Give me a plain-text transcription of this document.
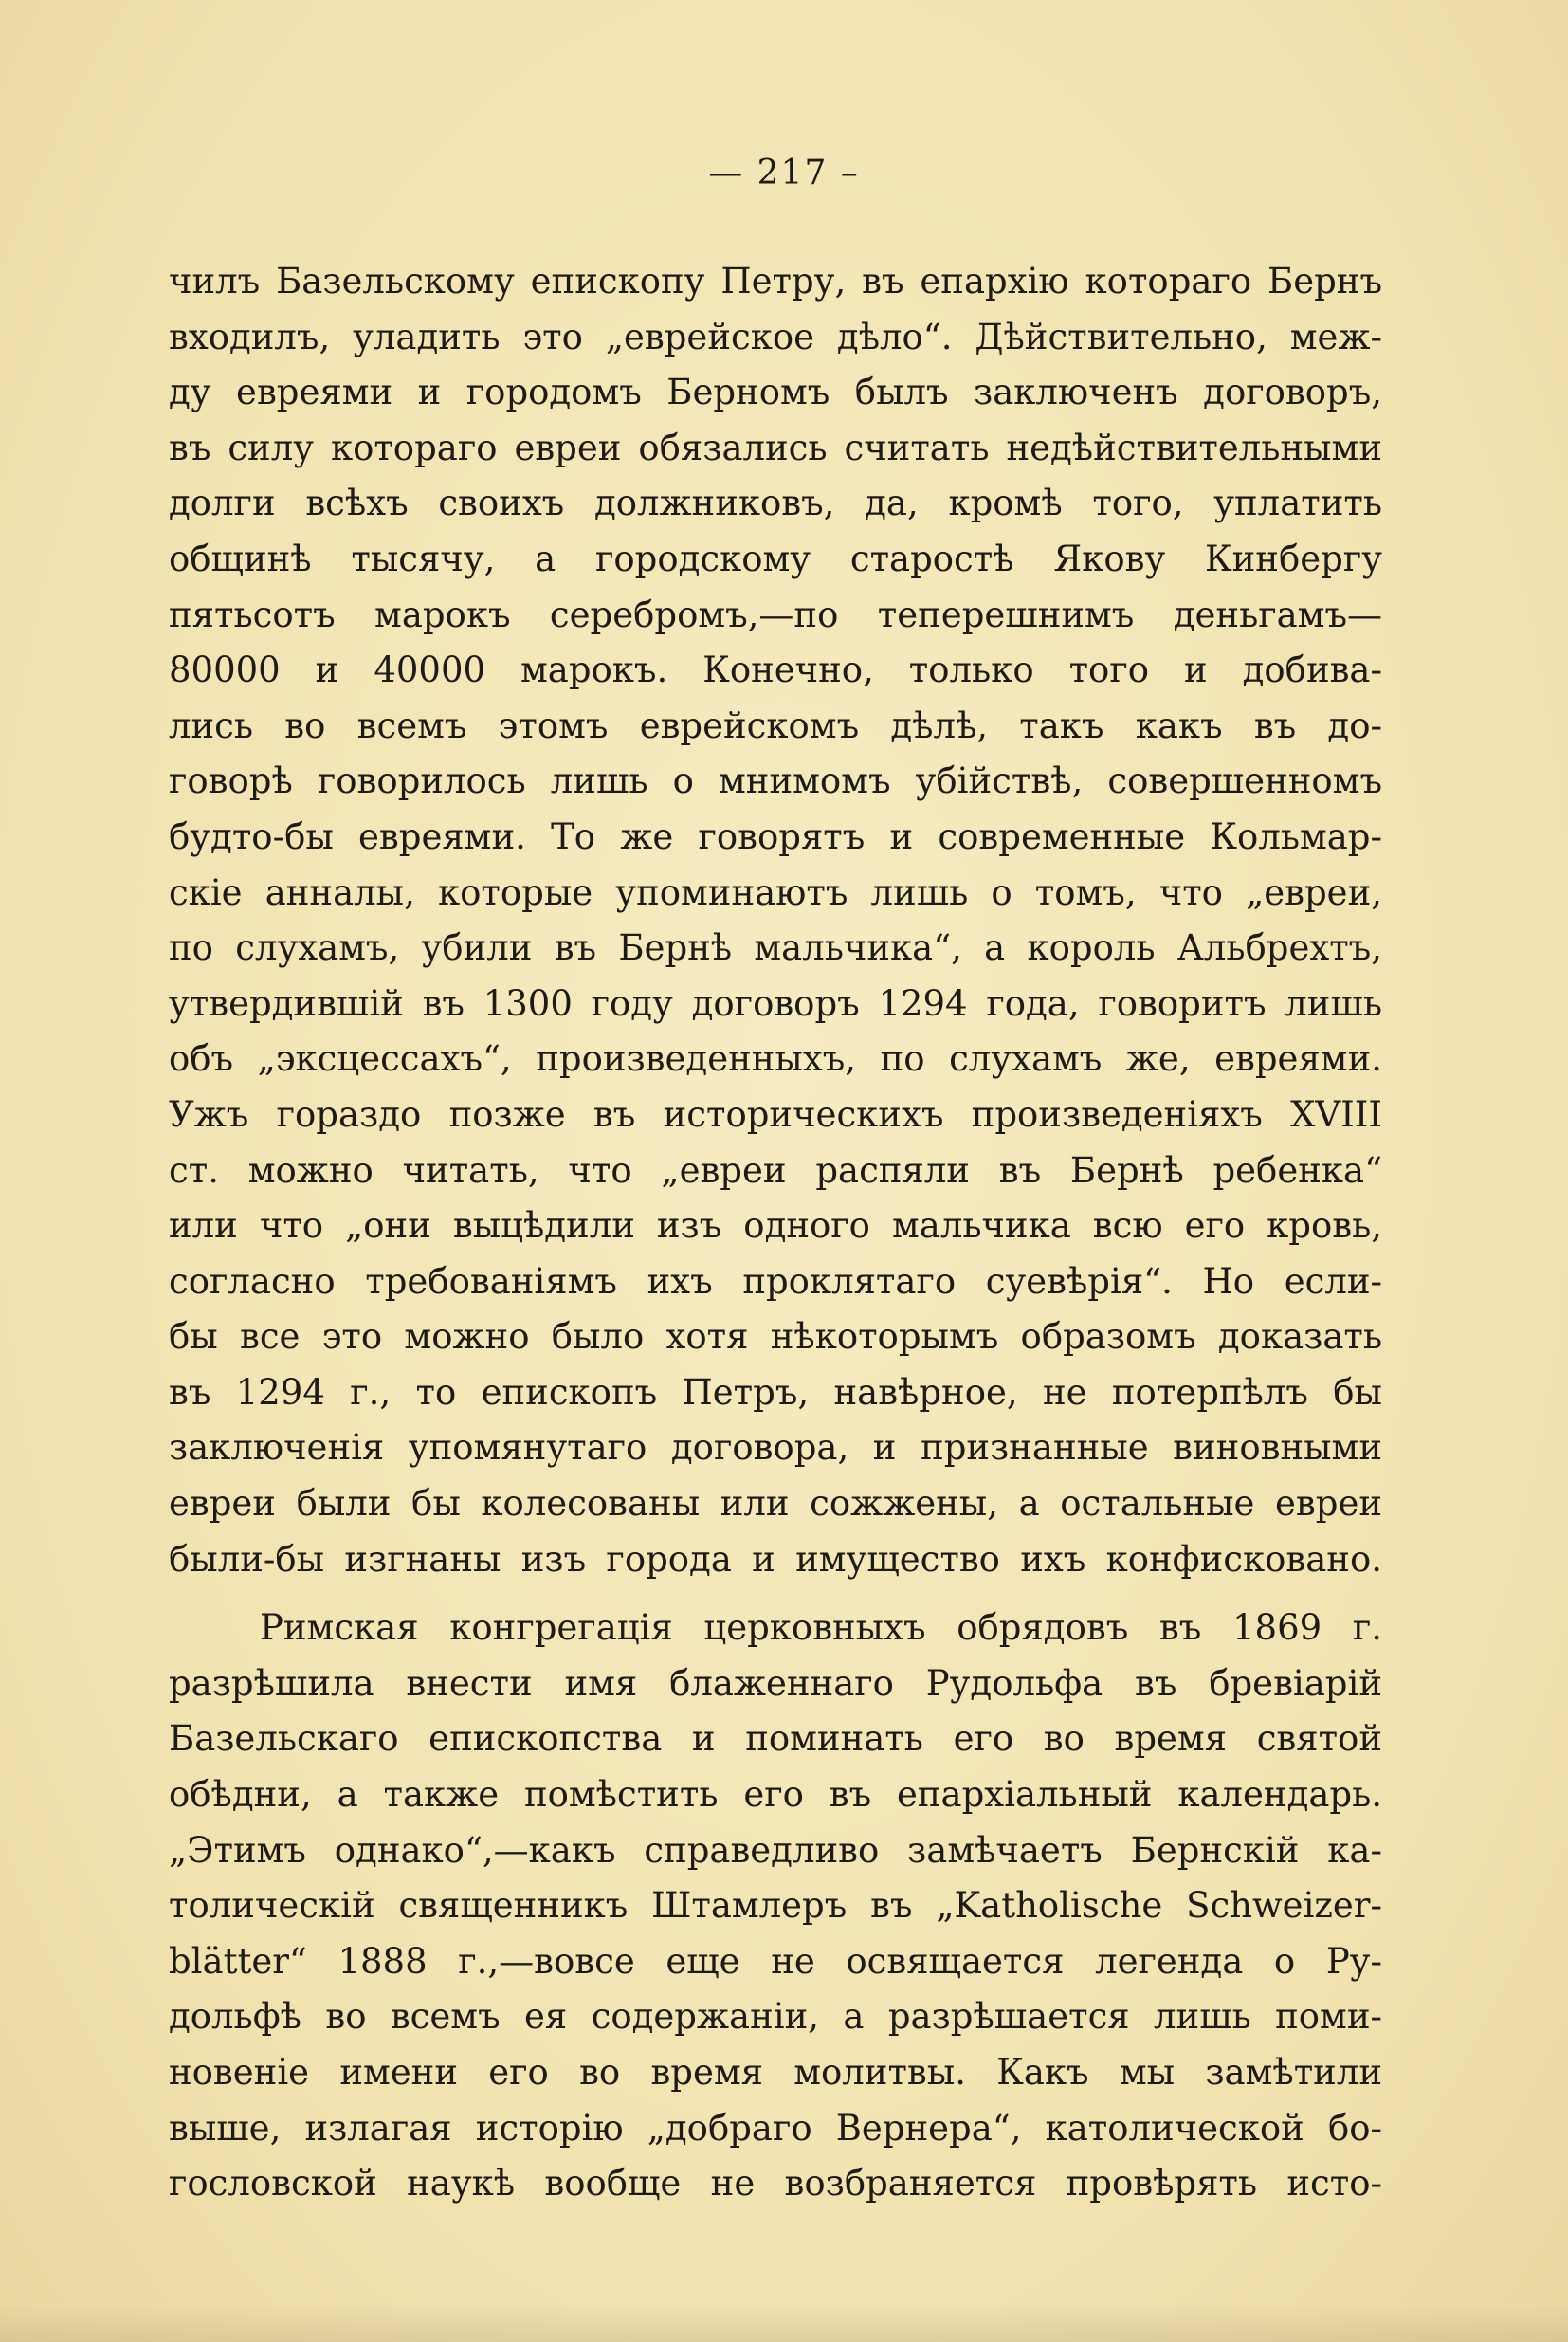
— 217 –
чилъ Базельскому епископу Петру, въ епархію котораго Бернъ
входилъ, уладить это „еврейское дѣло“. Дѣйствительно, меж-
ду евреями и городомъ Берномъ былъ заключенъ договоръ,
въ силу котораго евреи обязались считать недѣйствительными
долги всѣхъ своихъ должниковъ, да, кромѣ того, уплатить
общинѣ тысячу, а городскому старостѣ Якову Кинбергу
пятьсотъ марокъ серебромъ,—по теперешнимъ деньгамъ—
80000 и 40000 марокъ. Конечно, только того и добива-
лись во всемъ этомъ еврейскомъ дѣлѣ, такъ какъ въ до-
говорѣ говорилось лишь о мнимомъ убійствѣ, совершенномъ
будто-бы евреями. То же говорятъ и современные Кольмар-
скіе анналы, которые упоминаютъ лишь о томъ, что „евреи,
по слухамъ, убили въ Бернѣ мальчика“, а король Альбрехтъ,
утвердившій въ 1300 году договоръ 1294 года, говоритъ лишь
объ „эксцессахъ“, произведенныхъ, по слухамъ же, евреями.
Ужъ гораздо позже въ историческихъ произведеніяхъ XVIII
ст. можно читать, что „евреи распяли въ Бернѣ ребенка“
или что „они выцѣдили изъ одного мальчика всю его кровь,
согласно требованіямъ ихъ проклятаго суевѣрія“. Но если-
бы все это можно было хотя нѣкоторымъ образомъ доказать
въ 1294 г., то епископъ Петръ, навѣрное, не потерпѣлъ бы
заключенія упомянутаго договора, и признанные виновными
евреи были бы колесованы или сожжены, а остальные евреи
были-бы изгнаны изъ города и имущество ихъ конфисковано.
Римская конгрегація церковныхъ обрядовъ въ 1869 г.
разрѣшила внести имя блаженнаго Рудольфа въ бревіарій
Базельскаго епископства и поминать его во время святой
обѣдни, а также помѣстить его въ епархіальный календарь.
„Этимъ однако“,—какъ справедливо замѣчаетъ Бернскій ка-
толическій священникъ Штамлеръ въ „Katholische Schweizer-
blätter“ 1888 г.,—вовсе еще не освящается легенда о Ру-
дольфѣ во всемъ ея содержаніи, а разрѣшается лишь поми-
новеніе имени его во время молитвы. Какъ мы замѣтили
выше, излагая исторію „добраго Вернера“, католической бо-
гословской наукѣ вообще не возбраняется провѣрять исто-
